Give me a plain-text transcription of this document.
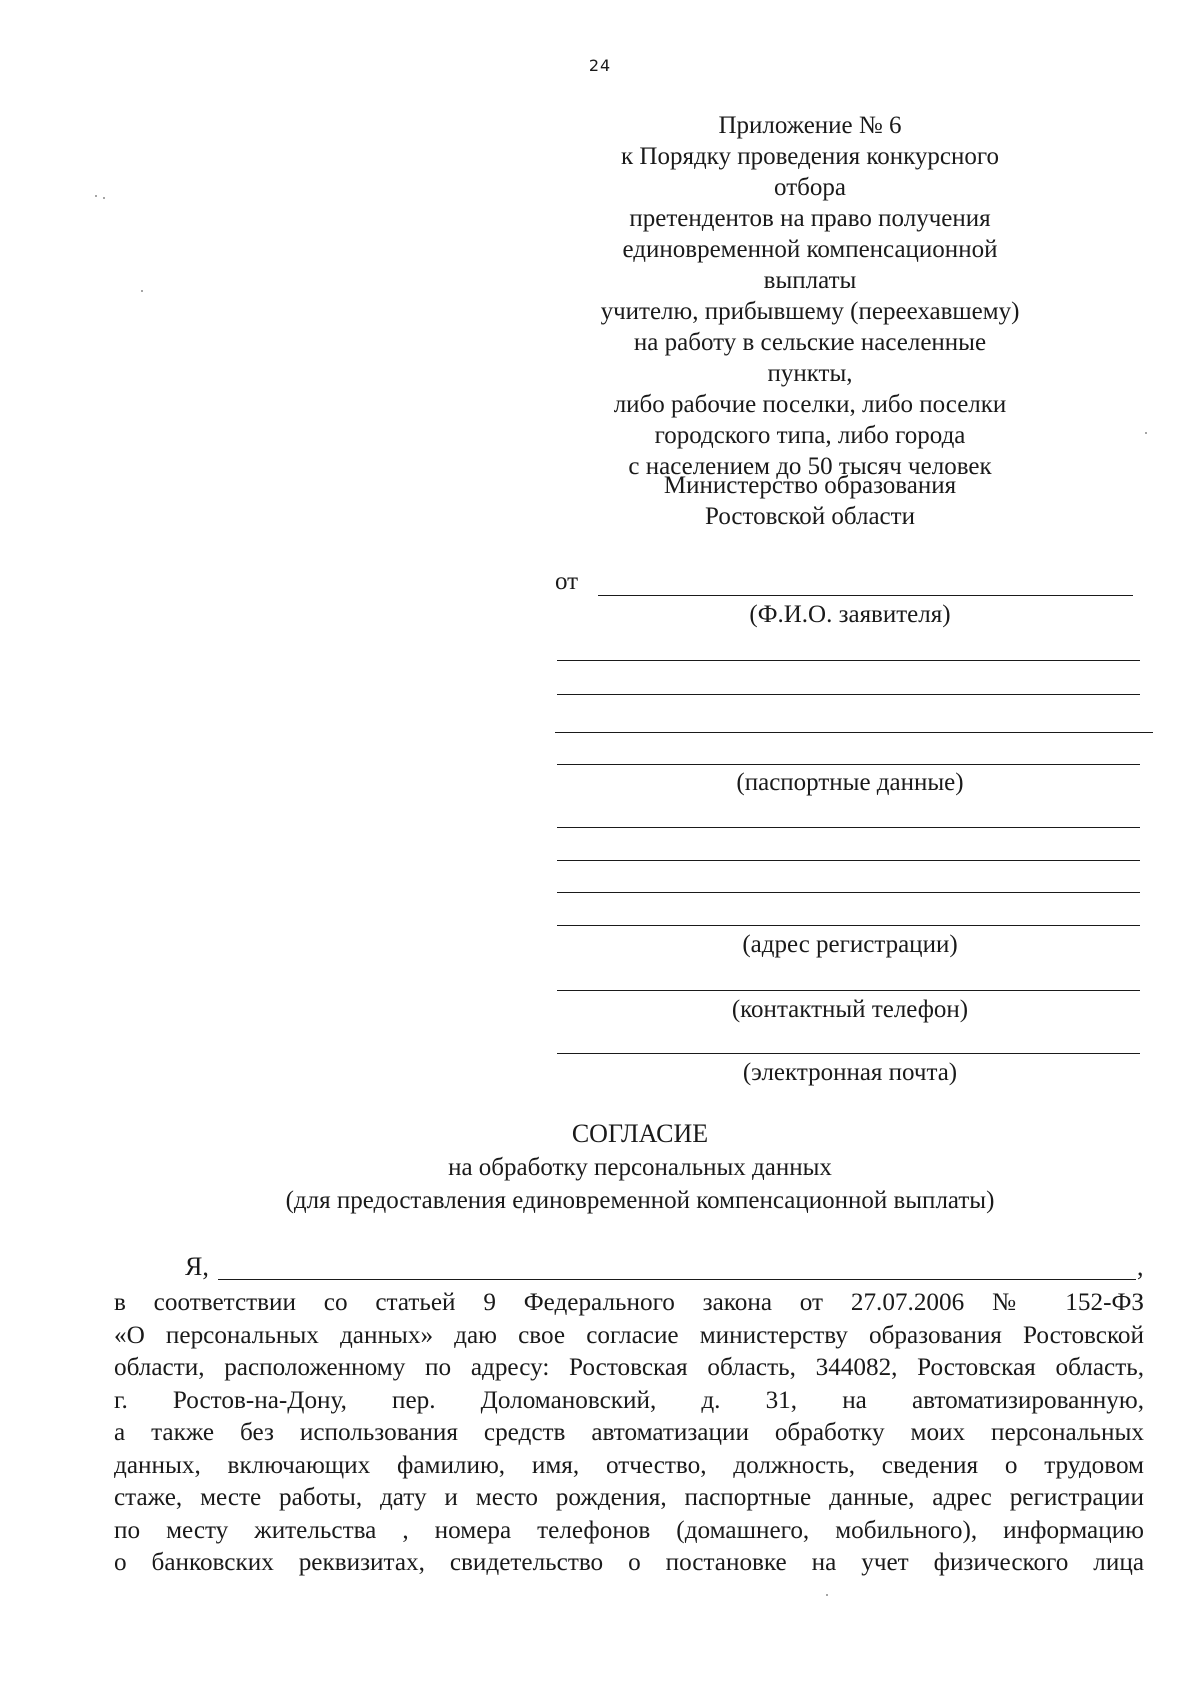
24
Приложение № 6
к Порядку проведения конкурсного отбора
претендентов на право получения
единовременной компенсационной выплаты
учителю, прибывшему (переехавшему)
на работу в сельские населенные пункты,
либо рабочие поселки, либо поселки
городского типа, либо города
с населением до 50 тысяч человек
Министерство образования
Ростовской области
от
(Ф.И.О. заявителя)
(паспортные данные)
(адрес регистрации)
(контактный телефон)
(электронная почта)
СОГЛАСИЕ
на обработку персональных данных
(для предоставления единовременной компенсационной выплаты)
Я,	,
в соответствии со статьей 9 Федерального закона от 27.07.2006 № 152-ФЗ
«О персональных данных» даю свое согласие министерству образования Ростовской
области, расположенному по адресу: Ростовская область, 344082, Ростовская область,
г. Ростов-на-Дону, пер. Доломановский, д. 31, на автоматизированную,
а также без использования средств автоматизации обработку моих персональных
данных, включающих фамилию, имя, отчество, должность, сведения о трудовом
стаже, месте работы, дату и место рождения, паспортные данные, адрес регистрации
по месту жительства , номера телефонов (домашнего, мобильного), информацию
о банковских реквизитах, свидетельство о постановке на учет физического лица
